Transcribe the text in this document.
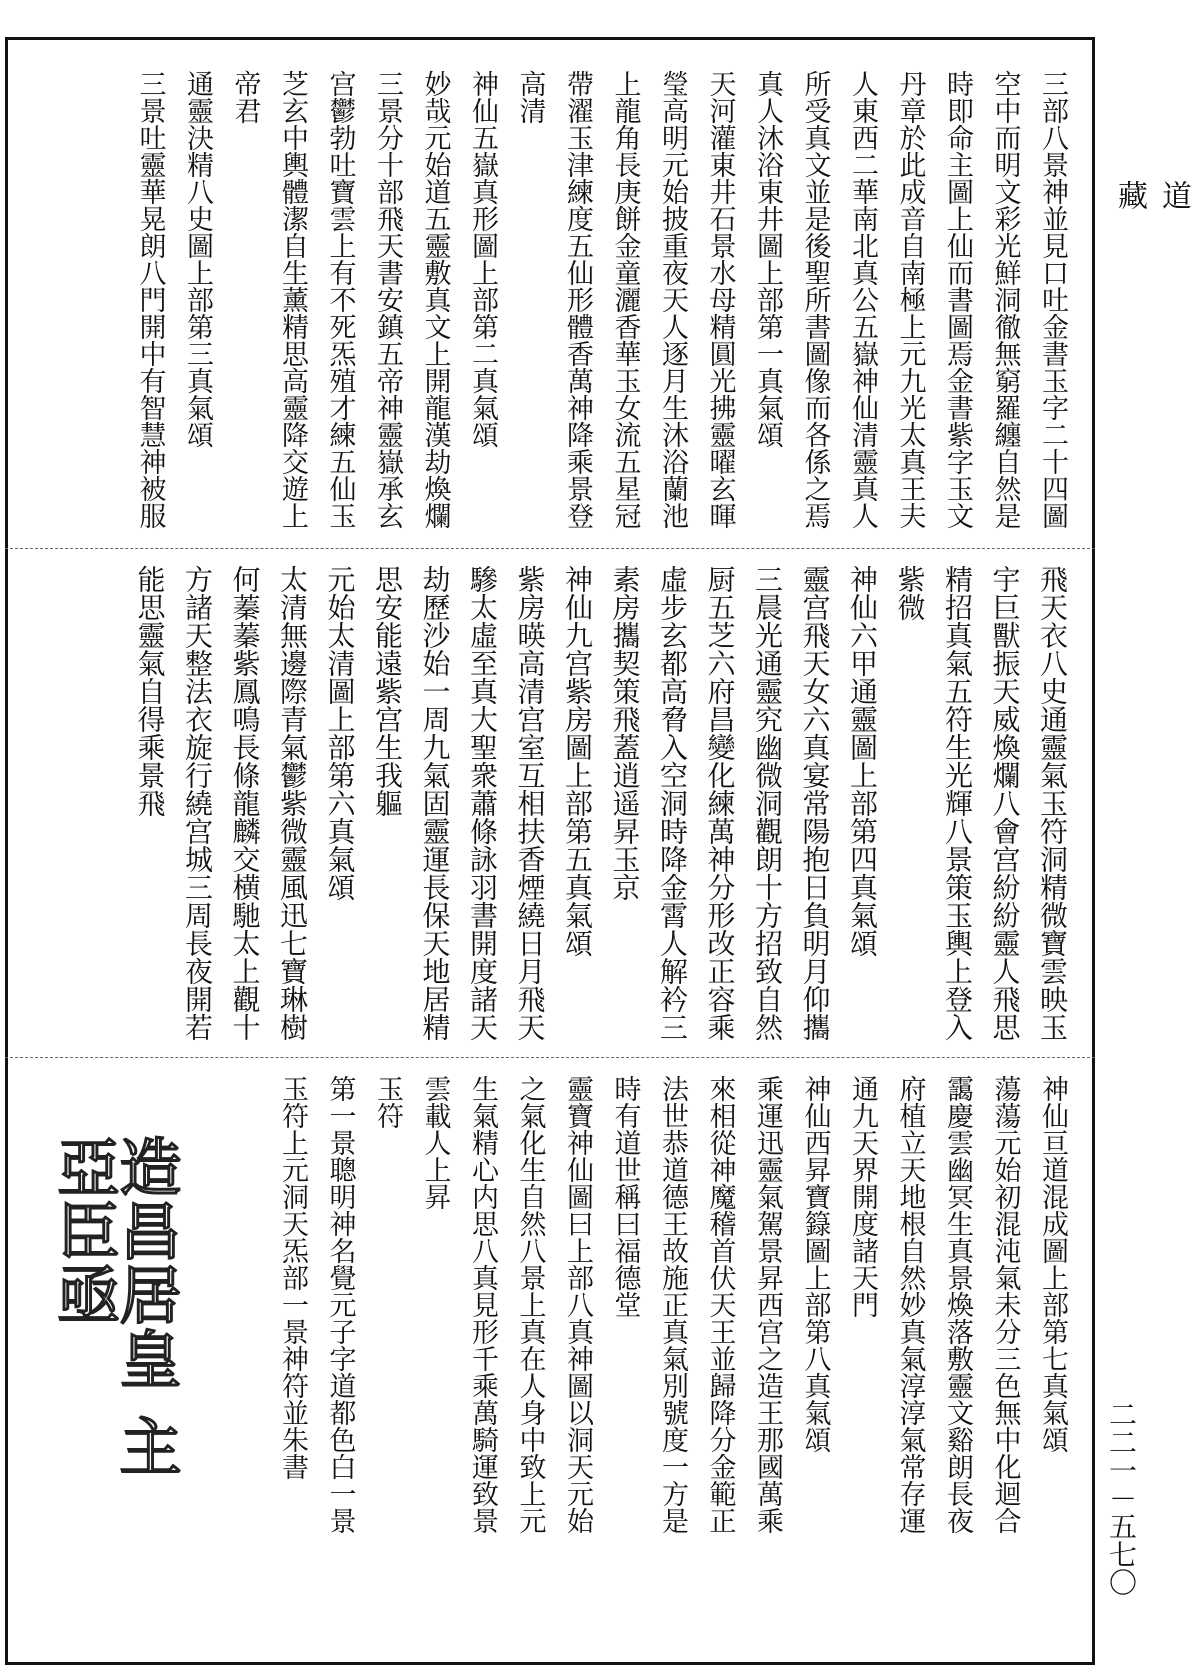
道 藏
二二一－五七〇
三部八景神並見口吐金書玉字二十四圖
空中而明文彩光鮮洞徹無窮羅纏自然是
時即命主圖上仙而書圖焉金書紫字玉文
丹章於此成音自南極上元九光太真王夫
人東西二華南北真公五嶽神仙清靈真人
所受真文並是後聖所書圖像而各係之焉
真人沐浴東井圖上部第一真氣頌
天河灌東井石景水母精圓光拂靈曜玄暉
瑩高明元始披重夜天人逐月生沐浴蘭池
上龍角長庚餅金童灑香華玉女流五星冠
帶濯玉津練度五仙形體香萬神降乘景登
高清
神仙五嶽真形圖上部第二真氣頌
妙哉元始道五靈敷真文上開龍漢劫煥爛
三景分十部飛天書安鎮五帝神靈嶽承玄
宫鬱勃吐寶雲上有不死炁殖才練五仙玉
芝玄中輿體潔自生薰精思高靈降交遊上
帝君
通靈決精八史圖上部第三真氣頌
三景吐靈華晃朗八門開中有智慧神被服
飛天衣八史通靈氣玉符洞精微寶雲映玉
宇巨獸振天威煥爛八會宫紛紛靈人飛思
精招真氣五符生光輝八景策玉輿上登入
紫微
神仙六甲通靈圖上部第四真氣頌
靈宫飛天女六真宴常陽抱日負明月仰攜
三晨光通靈究幽微洞觀朗十方招致自然
厨五芝六府昌變化練萬神分形改正容乘
虛步玄都高脅入空洞時降金霄人解衿三
素房攜契策飛蓋逍遥昇玉京
神仙九宫紫房圖上部第五真氣頌
紫房暎高清宫室互相扶香煙繞日月飛天
驂太虛至真大聖衆蕭條詠羽書開度諸天
劫歷沙始一周九氣固靈運長保天地居精
思安能遠紫宫生我軀
元始太清圖上部第六真氣頌
太清無邊際青氣鬱紫微靈風迅七寶琳樹
何蓁蓁紫鳳鳴長條龍麟交横馳太上觀十
方諸天整法衣旋行繞宫城三周長夜開若
能思靈氣自得乘景飛
神仙亘道混成圖上部第七真氣頌
蕩蕩元始初混沌氣未分三色無中化迴合
靄慶雲幽冥生真景煥落敷靈文谿朗長夜
府植立天地根自然妙真氣淳淳氣常存運
通九天界開度諸天門
神仙西昇寶籙圖上部第八真氣頌
乘運迅靈氣駕景昇西宫之造王那國萬乘
來相從神魔稽首伏天王並歸降分金範正
法世恭道德王故施正真氣別號度一方是
時有道世稱曰福德堂
靈寶神仙圖曰上部八真神圖以洞天元始
之氣化生自然八景上真在人身中致上元
生氣精心内思八真見形千乘萬騎運致景
雲載人上昇
玉符
第一景聰明神名覺元子字道都色白一景
玉符上元洞天炁部一景神符並朱書
造昌居皇 主亞臣亟
